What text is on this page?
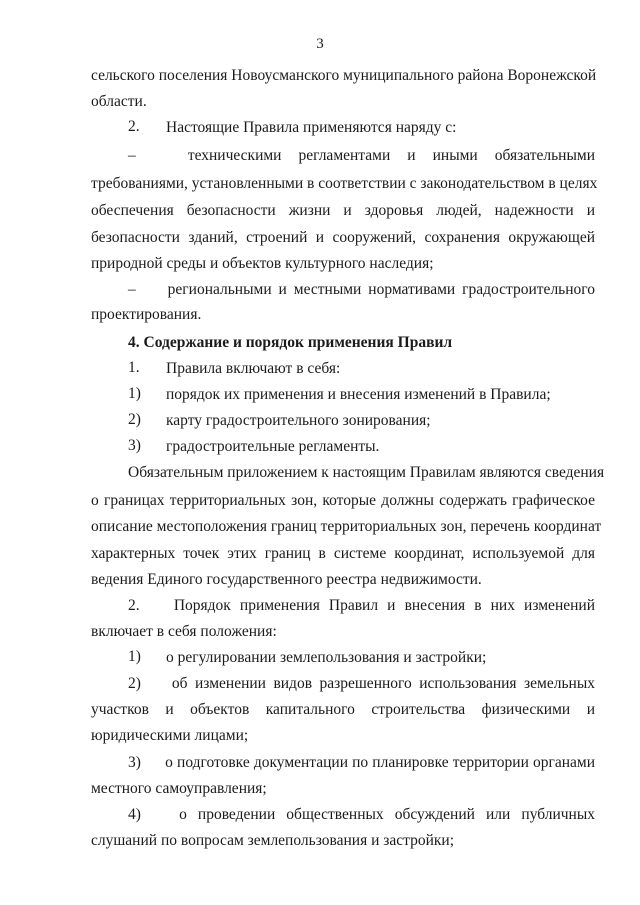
3
сельского поселения Новоусманского муниципального района Воронежской
области.
2. Настоящие Правила применяются наряду с:
–	техническими регламентами и иными обязательными
требованиями, установленными в соответствии с законодательством в целях
обеспечения безопасности жизни и здоровья людей, надежности и
безопасности зданий, строений и сооружений, сохранения окружающей
природной среды и объектов культурного наследия;
– региональными и местными нормативами градостроительного
проектирования.
4. Содержание и порядок применения Правил
1. Правила включают в себя:
1) порядок их применения и внесения изменений в Правила;
2) карту градостроительного зонирования;
3) градостроительные регламенты.
Обязательным приложением к настоящим Правилам являются сведения
о границах территориальных зон, которые должны содержать графическое
описание местоположения границ территориальных зон, перечень координат
характерных точек этих границ в системе координат, используемой для
ведения Единого государственного реестра недвижимости.
2. Порядок применения Правил и внесения в них изменений
включает в себя положения:
1) о регулировании землепользования и застройки;
2) об изменении видов разрешенного использования земельных
участков и объектов капитального строительства физическими и
юридическими лицами;
3) о подготовке документации по планировке территории органами
местного самоуправления;
4) о проведении общественных обсуждений или публичных
слушаний по вопросам землепользования и застройки;
